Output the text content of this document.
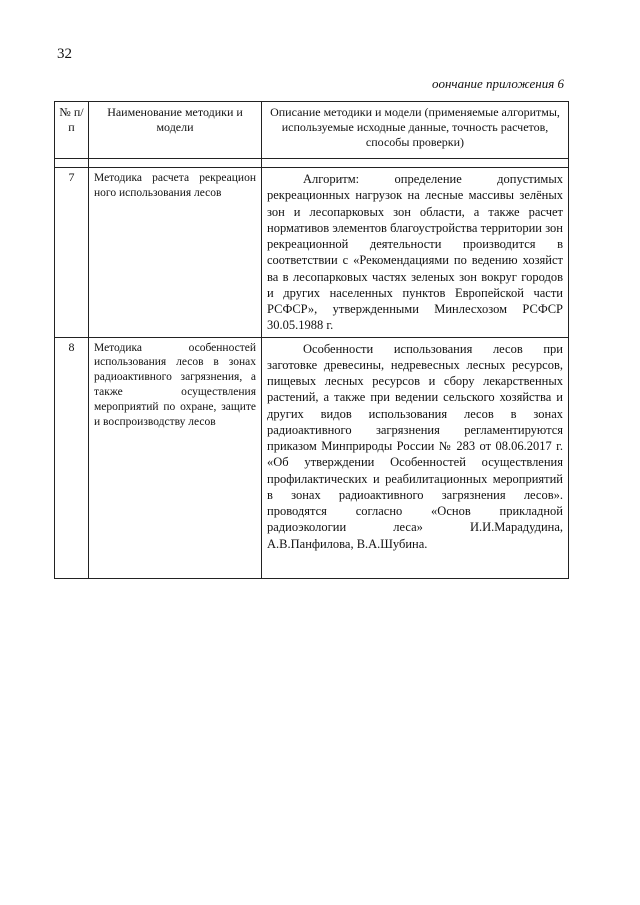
32
оончание приложения 6
№ п/п	Наименование методики и модели	Описание методики и модели (применяемые алгоритмы, используемые исходные данные, точность расчетов, способы проверки)

7	Методика расчета рекреацион ного использования лесов	Алгоритм: определение допустимых рекреационных нагрузок на лесные массивы зелёных зон и лесопарковых зон области, а также расчет нормативов элементов благоустройства территории зон рекреационной деятельности производится в соответствии с «Рекомендациями по ведению хозяйст ва в лесопарковых частях зеленых зон вокруг городов и других населенных пунктов Европейской части РСФСР», утвержденными Минлесхозом РСФСР 30.05.1988 г.

8	Методика особенностей использования лесов в зонах радиоактивного загрязнения, а также осуществления мероприятий по охране, защите и воспроизводству лесов	Особенности использования лесов при заготовке древесины, недревесных лесных ресурсов, пищевых лесных ресурсов и сбору лекарственных растений, а также при ведении сельского хозяйства и других видов использования лесов в зонах радиоактивного загрязнения регламентируются приказом Минприроды России № 283 от 08.06.2017 г. «Об утверждении Особенностей осуществления профилактических и реабилитационных мероприятий в зонах радиоактивного загрязнения лесов». проводятся согласно «Основ прикладной радиоэкологии леса» И.И.Марадудина, А.В.Панфилова, В.А.Шубина.
